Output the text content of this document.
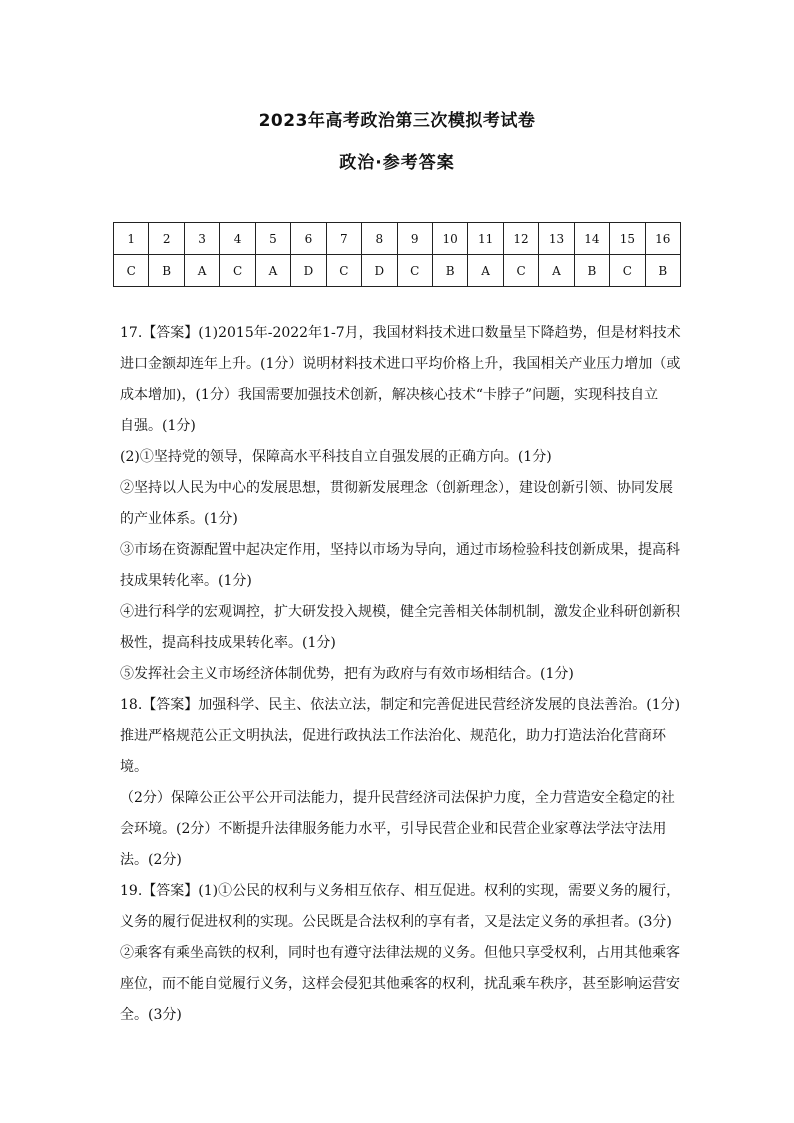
2023年高考政治第三次模拟考试卷
政治·参考答案
1	2	3	4	5	6	7	8	9	10	11	12	13	14	15	16
C	B	A	C	A	D	C	D	C	B	A	C	A	B	C	B

17.【答案】(1)2015年-2022年1-7月，我国材料技术进口数量呈下降趋势，但是材料技术

进口金额却连年上升。(1分）说明材料技术进口平均价格上升，我国相关产业压力增加（或

成本增加)，(1分）我国需要加强技术创新，解决核心技术“卡脖子”问题，实现科技自立

自强。(1分)

(2)①坚持党的领导，保障高水平科技自立自强发展的正确方向。(1分)

②坚持以人民为中心的发展思想，贯彻新发展理念（创新理念），建设创新引领、协同发展

的产业体系。(1分)

③市场在资源配置中起决定作用，坚持以市场为导向，通过市场检验科技创新成果，提高科

技成果转化率。(1分)

④进行科学的宏观调控，扩大研发投入规模，健全完善相关体制机制，激发企业科研创新积

极性，提高科技成果转化率。(1分)

⑤发挥社会主义市场经济体制优势，把有为政府与有效市场相结合。(1分)

18.【答案】加强科学、民主、依法立法，制定和完善促进民营经济发展的良法善治。(1分)

推进严格规范公正文明执法，促进行政执法工作法治化、规范化，助力打造法治化营商环境。

（2分）保障公正公平公开司法能力，提升民营经济司法保护力度，全力营造安全稳定的社

会环境。(2分）不断提升法律服务能力水平，引导民营企业和民营企业家尊法学法守法用

法。(2分)

19.【答案】(1)①公民的权利与义务相互依存、相互促进。权利的实现，需要义务的履行，

义务的履行促进权利的实现。公民既是合法权利的享有者，又是法定义务的承担者。(3分)

②乘客有乘坐高铁的权利，同时也有遵守法律法规的义务。但他只享受权利，占用其他乘客

座位，而不能自觉履行义务，这样会侵犯其他乘客的权利，扰乱乘车秩序，甚至影响运营安

全。(3分)
